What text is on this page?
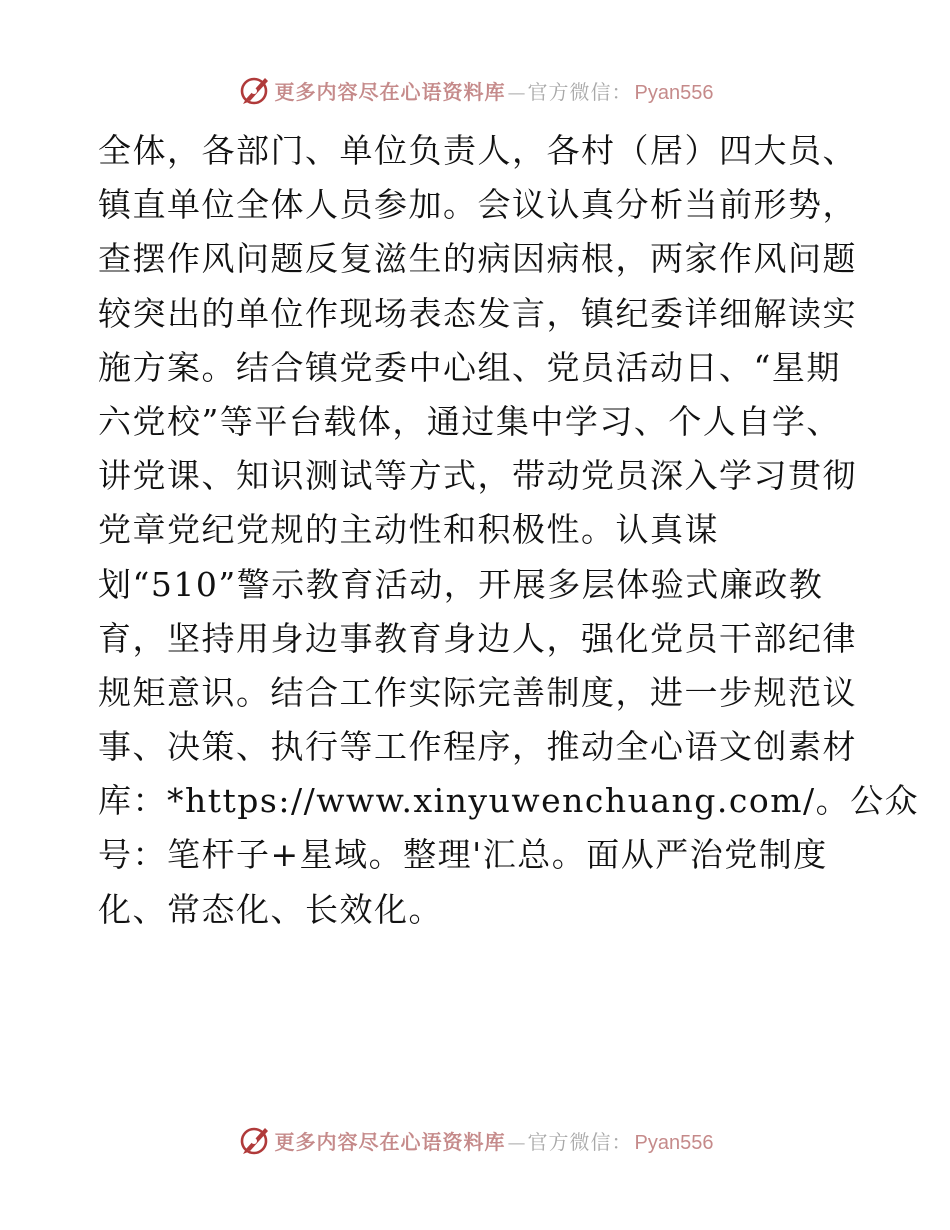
更多内容尽在心语资料库 — 官方微信： Pyan556
全体，各部门、单位负责人，各村（居）四大员、
镇直单位全体人员参加。会议认真分析当前形势，
查摆作风问题反复滋生的病因病根，两家作风问题
较突出的单位作现场表态发言，镇纪委详细解读实
施方案。结合镇党委中心组、党员活动日、“星期
六党校”等平台载体，通过集中学习、个人自学、
讲党课、知识测试等方式，带动党员深入学习贯彻
党章党纪党规的主动性和积极性。认真谋
划“510”警示教育活动，开展多层体验式廉政教
育，坚持用身边事教育身边人，强化党员干部纪律
规矩意识。结合工作实际完善制度，进一步规范议
事、决策、执行等工作程序，推动全心语文创素材
库：*https://www.xinyuwenchuang.com/。公众
号：笔杆子+星域。整理'汇总。面从严治党制度
化、常态化、长效化。
更多内容尽在心语资料库 — 官方微信： Pyan556
